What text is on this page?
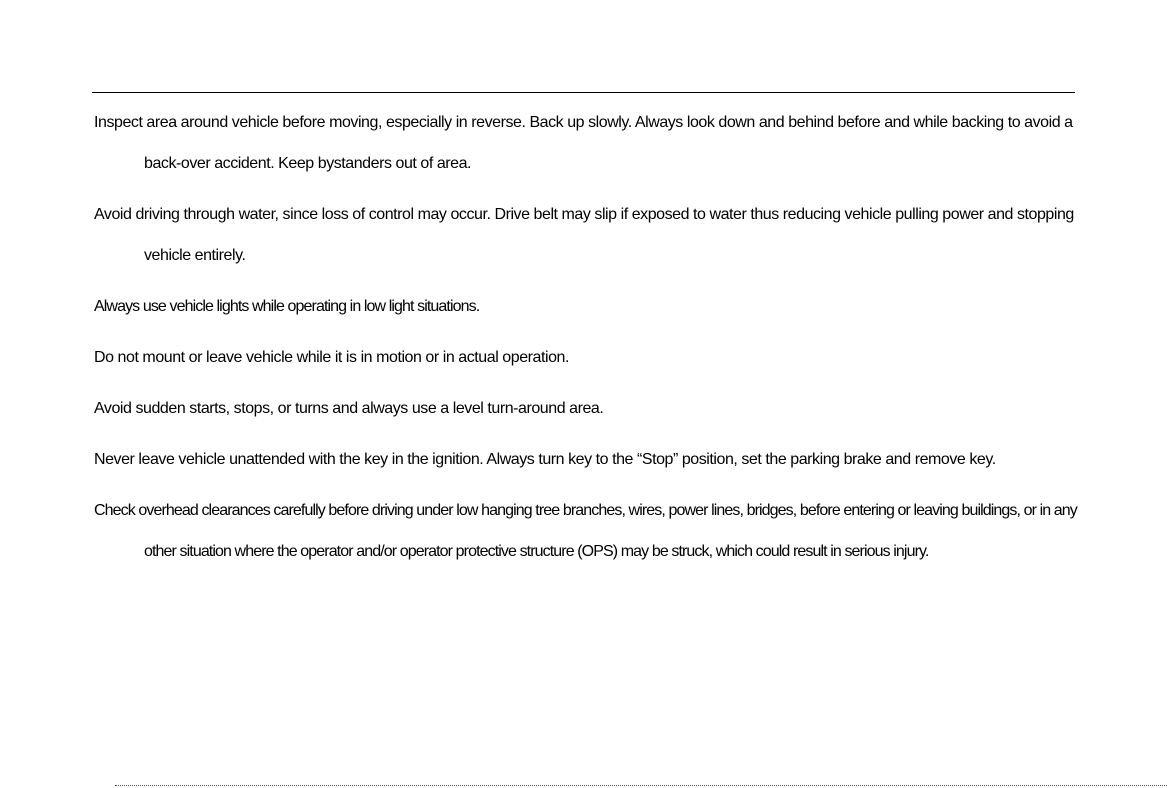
Inspect area around vehicle before moving, especially in reverse. Back up slowly. Always look down and behind before and while backing to avoid a back-over accident. Keep bystanders out of area.
Avoid driving through water, since loss of control may occur. Drive belt may slip if exposed to water thus reducing vehicle pulling power and stopping vehicle entirely.
Always use vehicle lights while operating in low light situations.
Do not mount or leave vehicle while it is in motion or in actual operation.
Avoid sudden starts, stops, or turns and always use a level turn-around area.
Never leave vehicle unattended with the key in the ignition. Always turn key to the “Stop” position, set the parking brake and remove key.
Check overhead clearances carefully before driving under low hanging tree branches, wires, power lines, bridges, before entering or leaving buildings, or in any other situation where the operator and/or operator protective structure (OPS) may be struck, which could result in serious injury.
